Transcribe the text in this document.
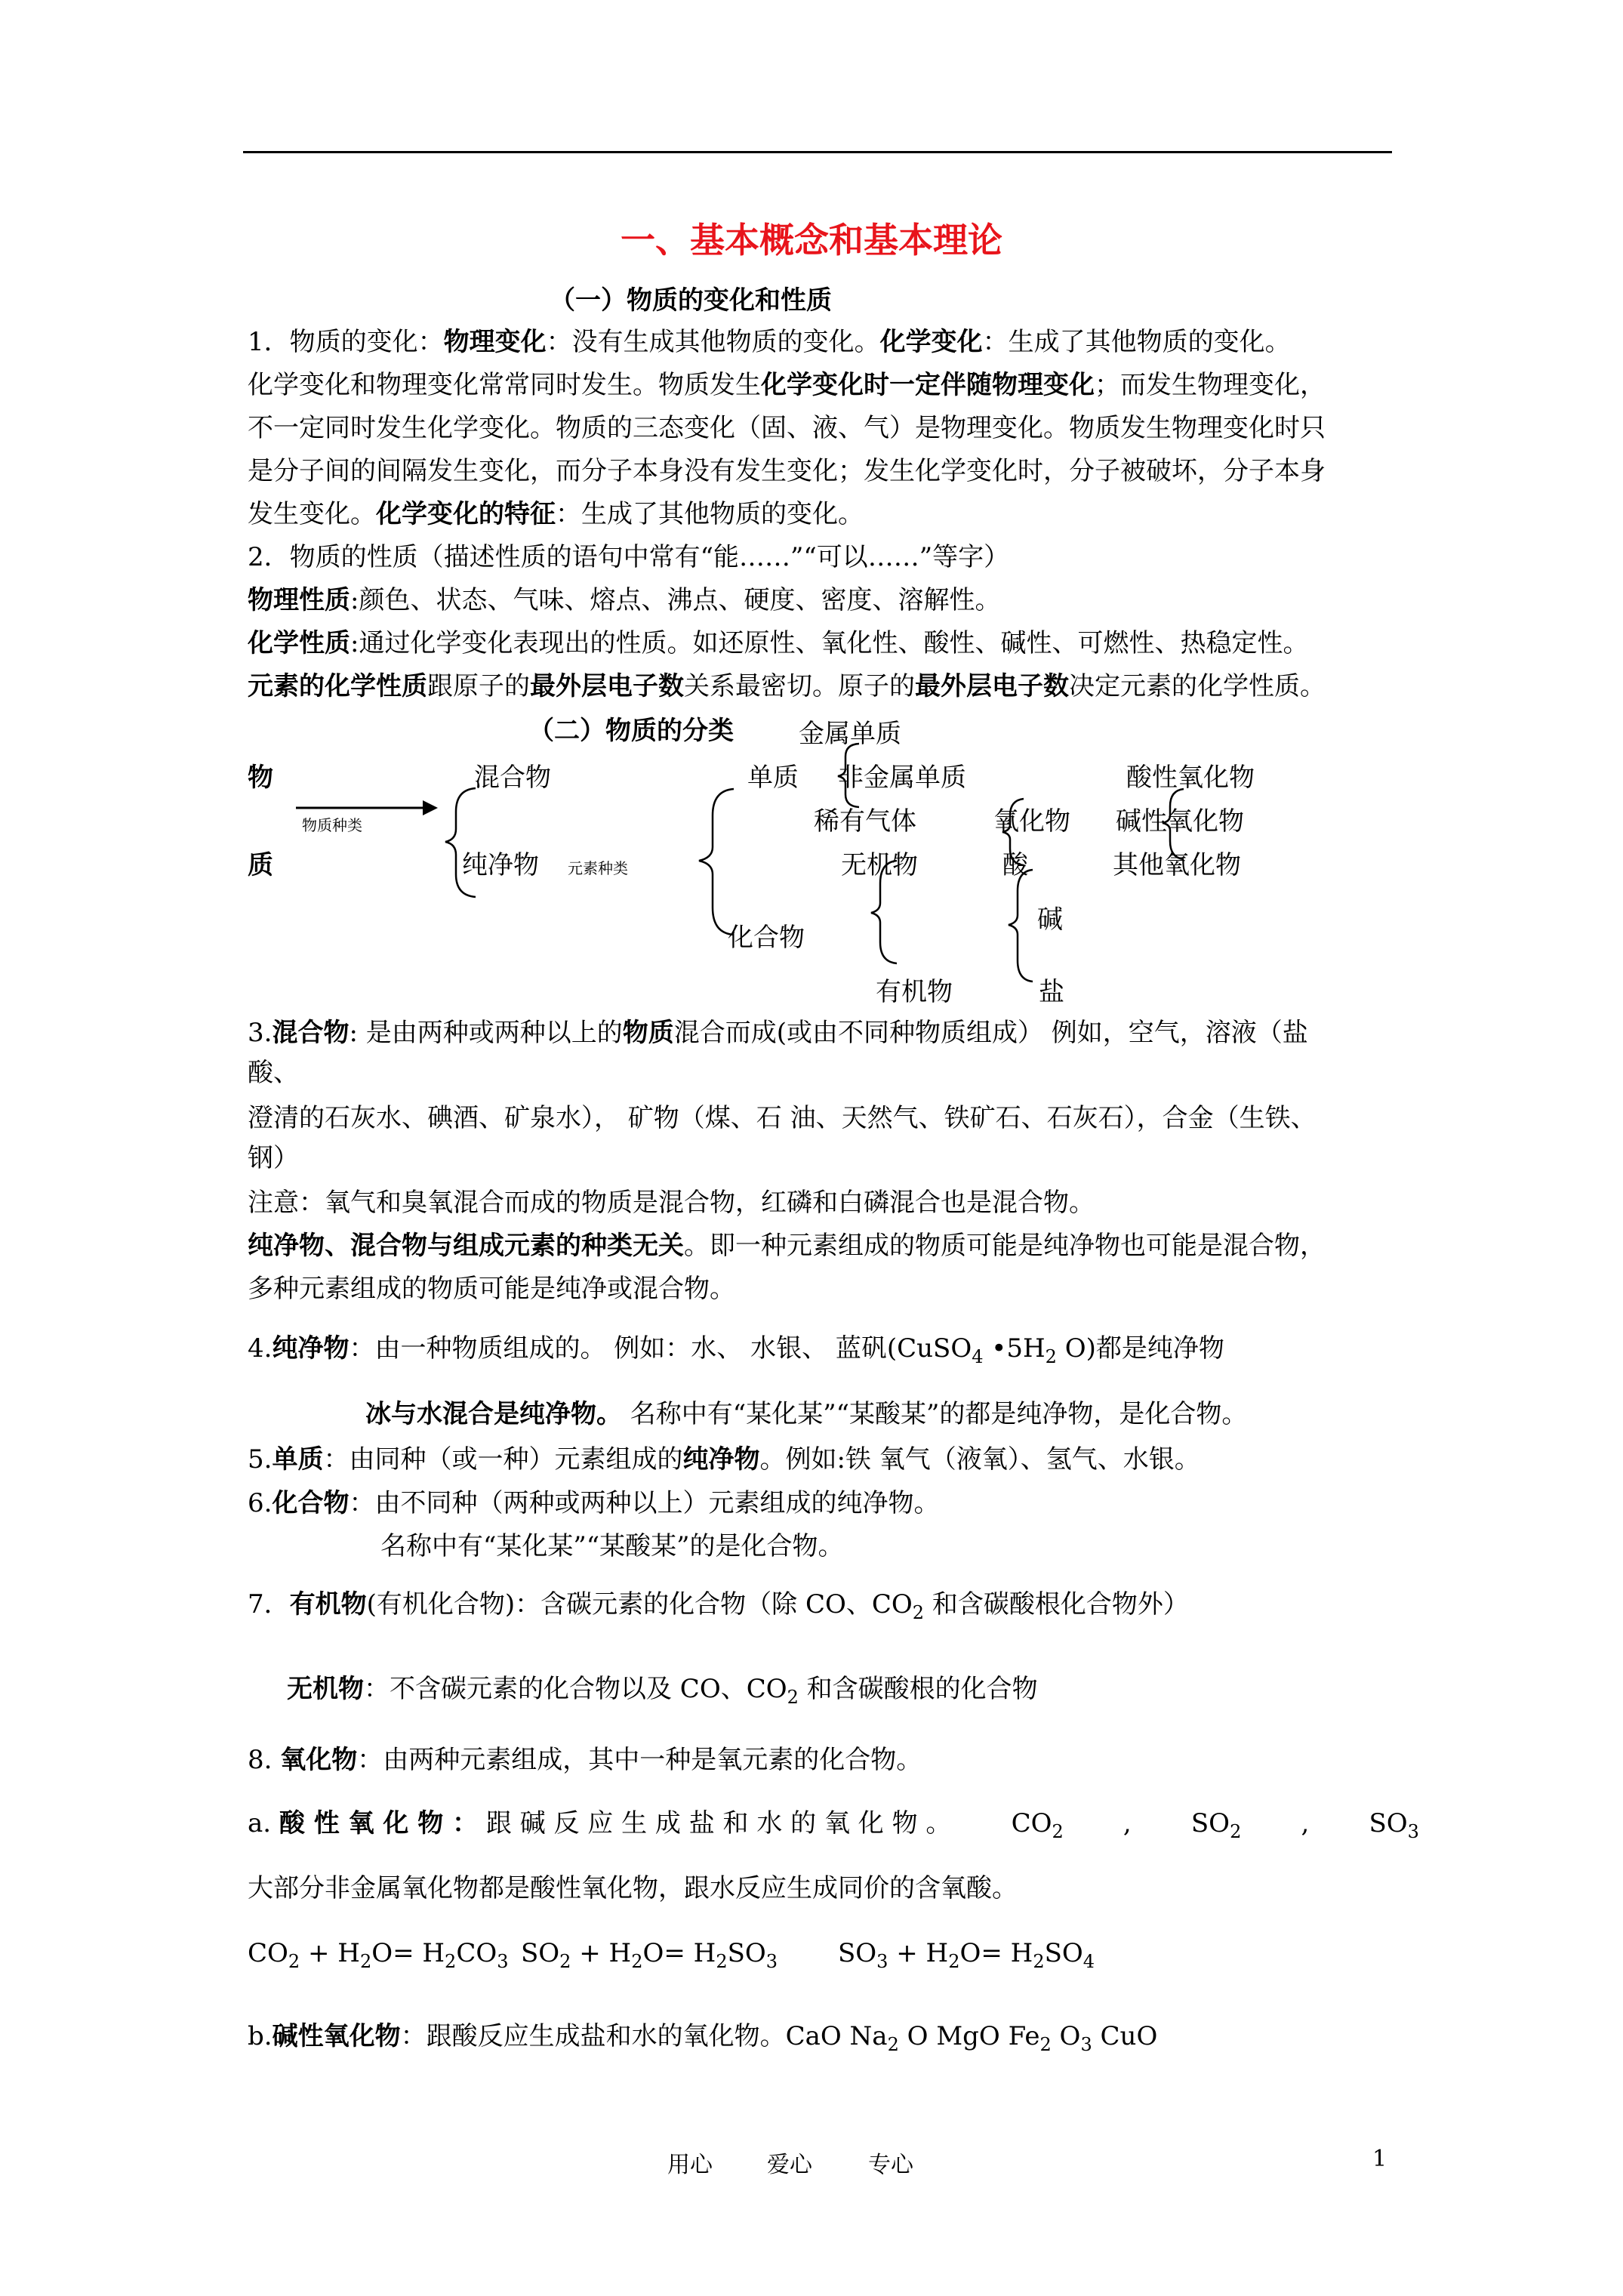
一、基本概念和基本理论
（一）物质的变化和性质
1．物质的变化：物理变化：没有生成其他物质的变化。化学变化：生成了其他物质的变化。
化学变化和物理变化常常同时发生。物质发生化学变化时一定伴随物理变化；而发生物理变化，
不一定同时发生化学变化。物质的三态变化（固、液、气）是物理变化。物质发生物理变化时只
是分子间的间隔发生变化，而分子本身没有发生变化；发生化学变化时，分子被破坏，分子本身
发生变化。化学变化的特征：生成了其他物质的变化。
2．物质的性质（描述性质的语句中常有“能……”“可以……”等字）
物理性质:颜色、状态、气味、熔点、沸点、硬度、密度、溶解性。
化学性质:通过化学变化表现出的性质。如还原性、氧化性、酸性、碱性、可燃性、热稳定性。
元素的化学性质跟原子的最外层电子数关系最密切。原子的最外层电子数决定元素的化学性质。
（二）物质的分类	金属单质
物	混合物	单质 非金属单质	酸性氧化物
物质种类	稀有气体	氧化物 碱性氧化物
质	纯净物 元素种类	无机物	酸	其他氧化物
碱
化合物
有机物	盐
3.混合物: 是由两种或两种以上的物质混合而成(或由不同种物质组成） 例如，空气，溶液（盐
酸、
澄清的石灰水、碘酒、矿泉水）， 矿物（煤、石 油、天然气、铁矿石、石灰石），合金（生铁、
钢）
注意：氧气和臭氧混合而成的物质是混合物，红磷和白磷混合也是混合物。
纯净物、混合物与组成元素的种类无关。即一种元素组成的物质可能是纯净物也可能是混合物，
多种元素组成的物质可能是纯净或混合物。
4.纯净物：由一种物质组成的。 例如：水、 水银、 蓝矾(CuSO$_4$ $•5H_2$ O)都是纯净物
冰与水混合是纯净物。 名称中有“某化某”“某酸某”的都是纯净物，是化合物。
5.单质：由同种（或一种）元素组成的纯净物。例如:铁 氧气（液氧）、氢气、水银。
6.化合物：由不同种（两种或两种以上）元素组成的纯净物。
名称中有“某化某”“某酸某”的是化合物。
7．有机物(有机化合物)：含碳元素的化合物（除 CO、$CO_2$ 和含碳酸根化合物外）
无机物：不含碳元素的化合物以及 CO、$CO_2$ 和含碳酸根的化合物
8. 氧化物：由两种元素组成，其中一种是氧元素的化合物。
a. 酸 性 氧 化 物 ： 跟 碱 反 应 生 成 盐 和 水 的 氧 化 物 。 $CO_2$ , $SO_2$ , $SO_3$
大部分非金属氧化物都是酸性氧化物，跟水反应生成同价的含氧酸。
$CO_2 + H_2O= H_2CO_3$ $SO_2 + H_2O= H_2SO_3$ $SO_3 + H_2O= H_2SO_4$
b.碱性氧化物：跟酸反应生成盐和水的氧化物。CaO $Na_2$ O MgO $Fe_2$ $O_3$ CuO
用心 爱心 专心	1
